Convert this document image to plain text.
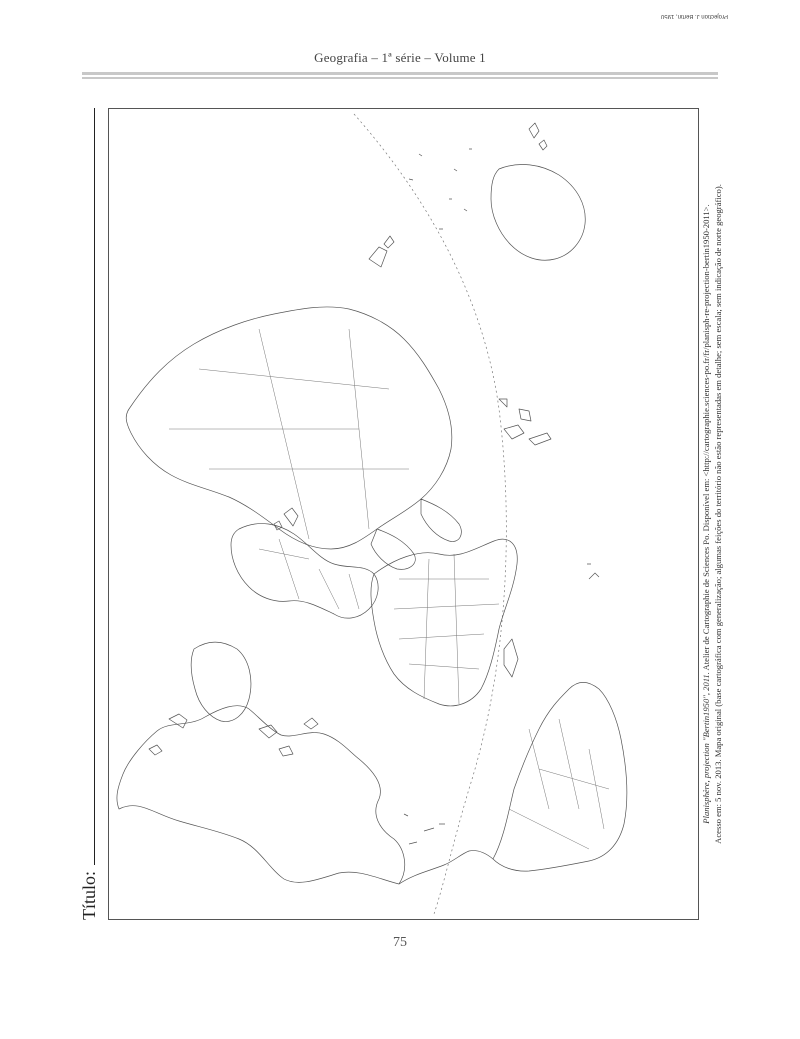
Geografia – 1ª série – Volume 1
Título:
Projection J. Bertin, 1950
Planisphère, projection "Bertin1950", 2011. Atelier de Cartographie de Sciences Po. Disponível em: <http://cartographie.sciences-po.fr/fr/planisph-re-projection-bertin1950-2011>. Acesso em: 5 nov. 2013. Mapa original (base cartográfica com generalização; algumas feições do território não estão representadas em detalhe; sem escala; sem indicação de norte geográfico).
75
